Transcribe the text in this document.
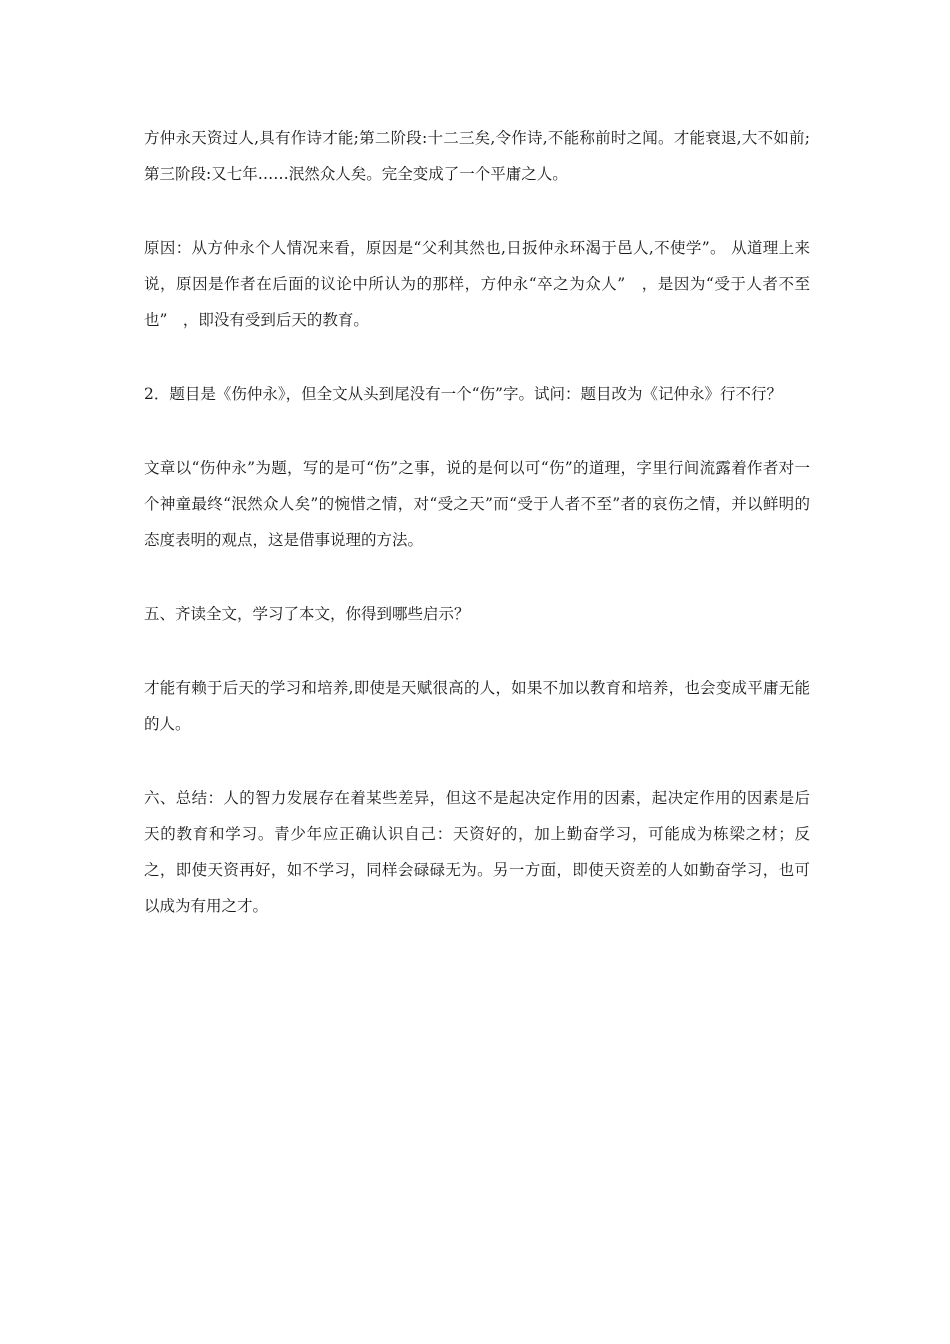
方仲永天资过人,具有作诗才能;第二阶段:十二三矣,令作诗,不能称前时之闻。才能衰退,大不如前;第三阶段:又七年……泯然众人矣。完全变成了一个平庸之人。

原因：从方仲永个人情况来看，原因是“父利其然也,日扳仲永环渴于邑人,不使学”。 从道理上来说，原因是作者在后面的议论中所认为的那样，方仲永“卒之为众人”　，是因为“受于人者不至也”　，即没有受到后天的教育。

2．题目是《伤仲永》，但全文从头到尾没有一个“伤”字。试问：题目改为《记仲永》行不行？

文章以“伤仲永”为题，写的是可“伤”之事，说的是何以可“伤”的道理，字里行间流露着作者对一个神童最终“泯然众人矣”的惋惜之情，对“受之天”而“受于人者不至”者的哀伤之情，并以鲜明的态度表明的观点，这是借事说理的方法。

五、齐读全文，学习了本文，你得到哪些启示？

才能有赖于后天的学习和培养,即使是天赋很高的人，如果不加以教育和培养，也会变成平庸无能的人。

六、总结：人的智力发展存在着某些差异，但这不是起决定作用的因素，起决定作用的因素是后天的教育和学习。青少年应正确认识自己：天资好的，加上勤奋学习，可能成为栋梁之材；反之，即使天资再好，如不学习，同样会碌碌无为。另一方面，即使天资差的人如勤奋学习，也可以成为有用之才。
